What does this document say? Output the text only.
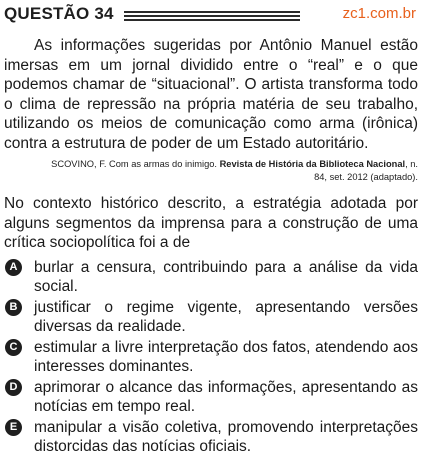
QUESTÃO 34	zc1.com.br

As informações sugeridas por Antônio Manuel estão imersas em um jornal dividido entre o “real” e o que podemos chamar de “situacional”. O artista transforma todo o clima de repressão na própria matéria de seu trabalho, utilizando os meios de comunicação como arma (irônica) contra a estrutura de poder de um Estado autoritário.

SCOVINO, F. Com as armas do inimigo. Revista de História da Biblioteca Nacional, n. 84, set. 2012 (adaptado).

No contexto histórico descrito, a estratégia adotada por alguns segmentos da imprensa para a construção de uma crítica sociopolítica foi a de

A burlar a censura, contribuindo para a análise da vida social.
B justificar o regime vigente, apresentando versões diversas da realidade.
C estimular a livre interpretação dos fatos, atendendo aos interesses dominantes.
D aprimorar o alcance das informações, apresentando as notícias em tempo real.
E	manipular a visão coletiva, promovendo interpretações distorcidas das notícias oficiais.
